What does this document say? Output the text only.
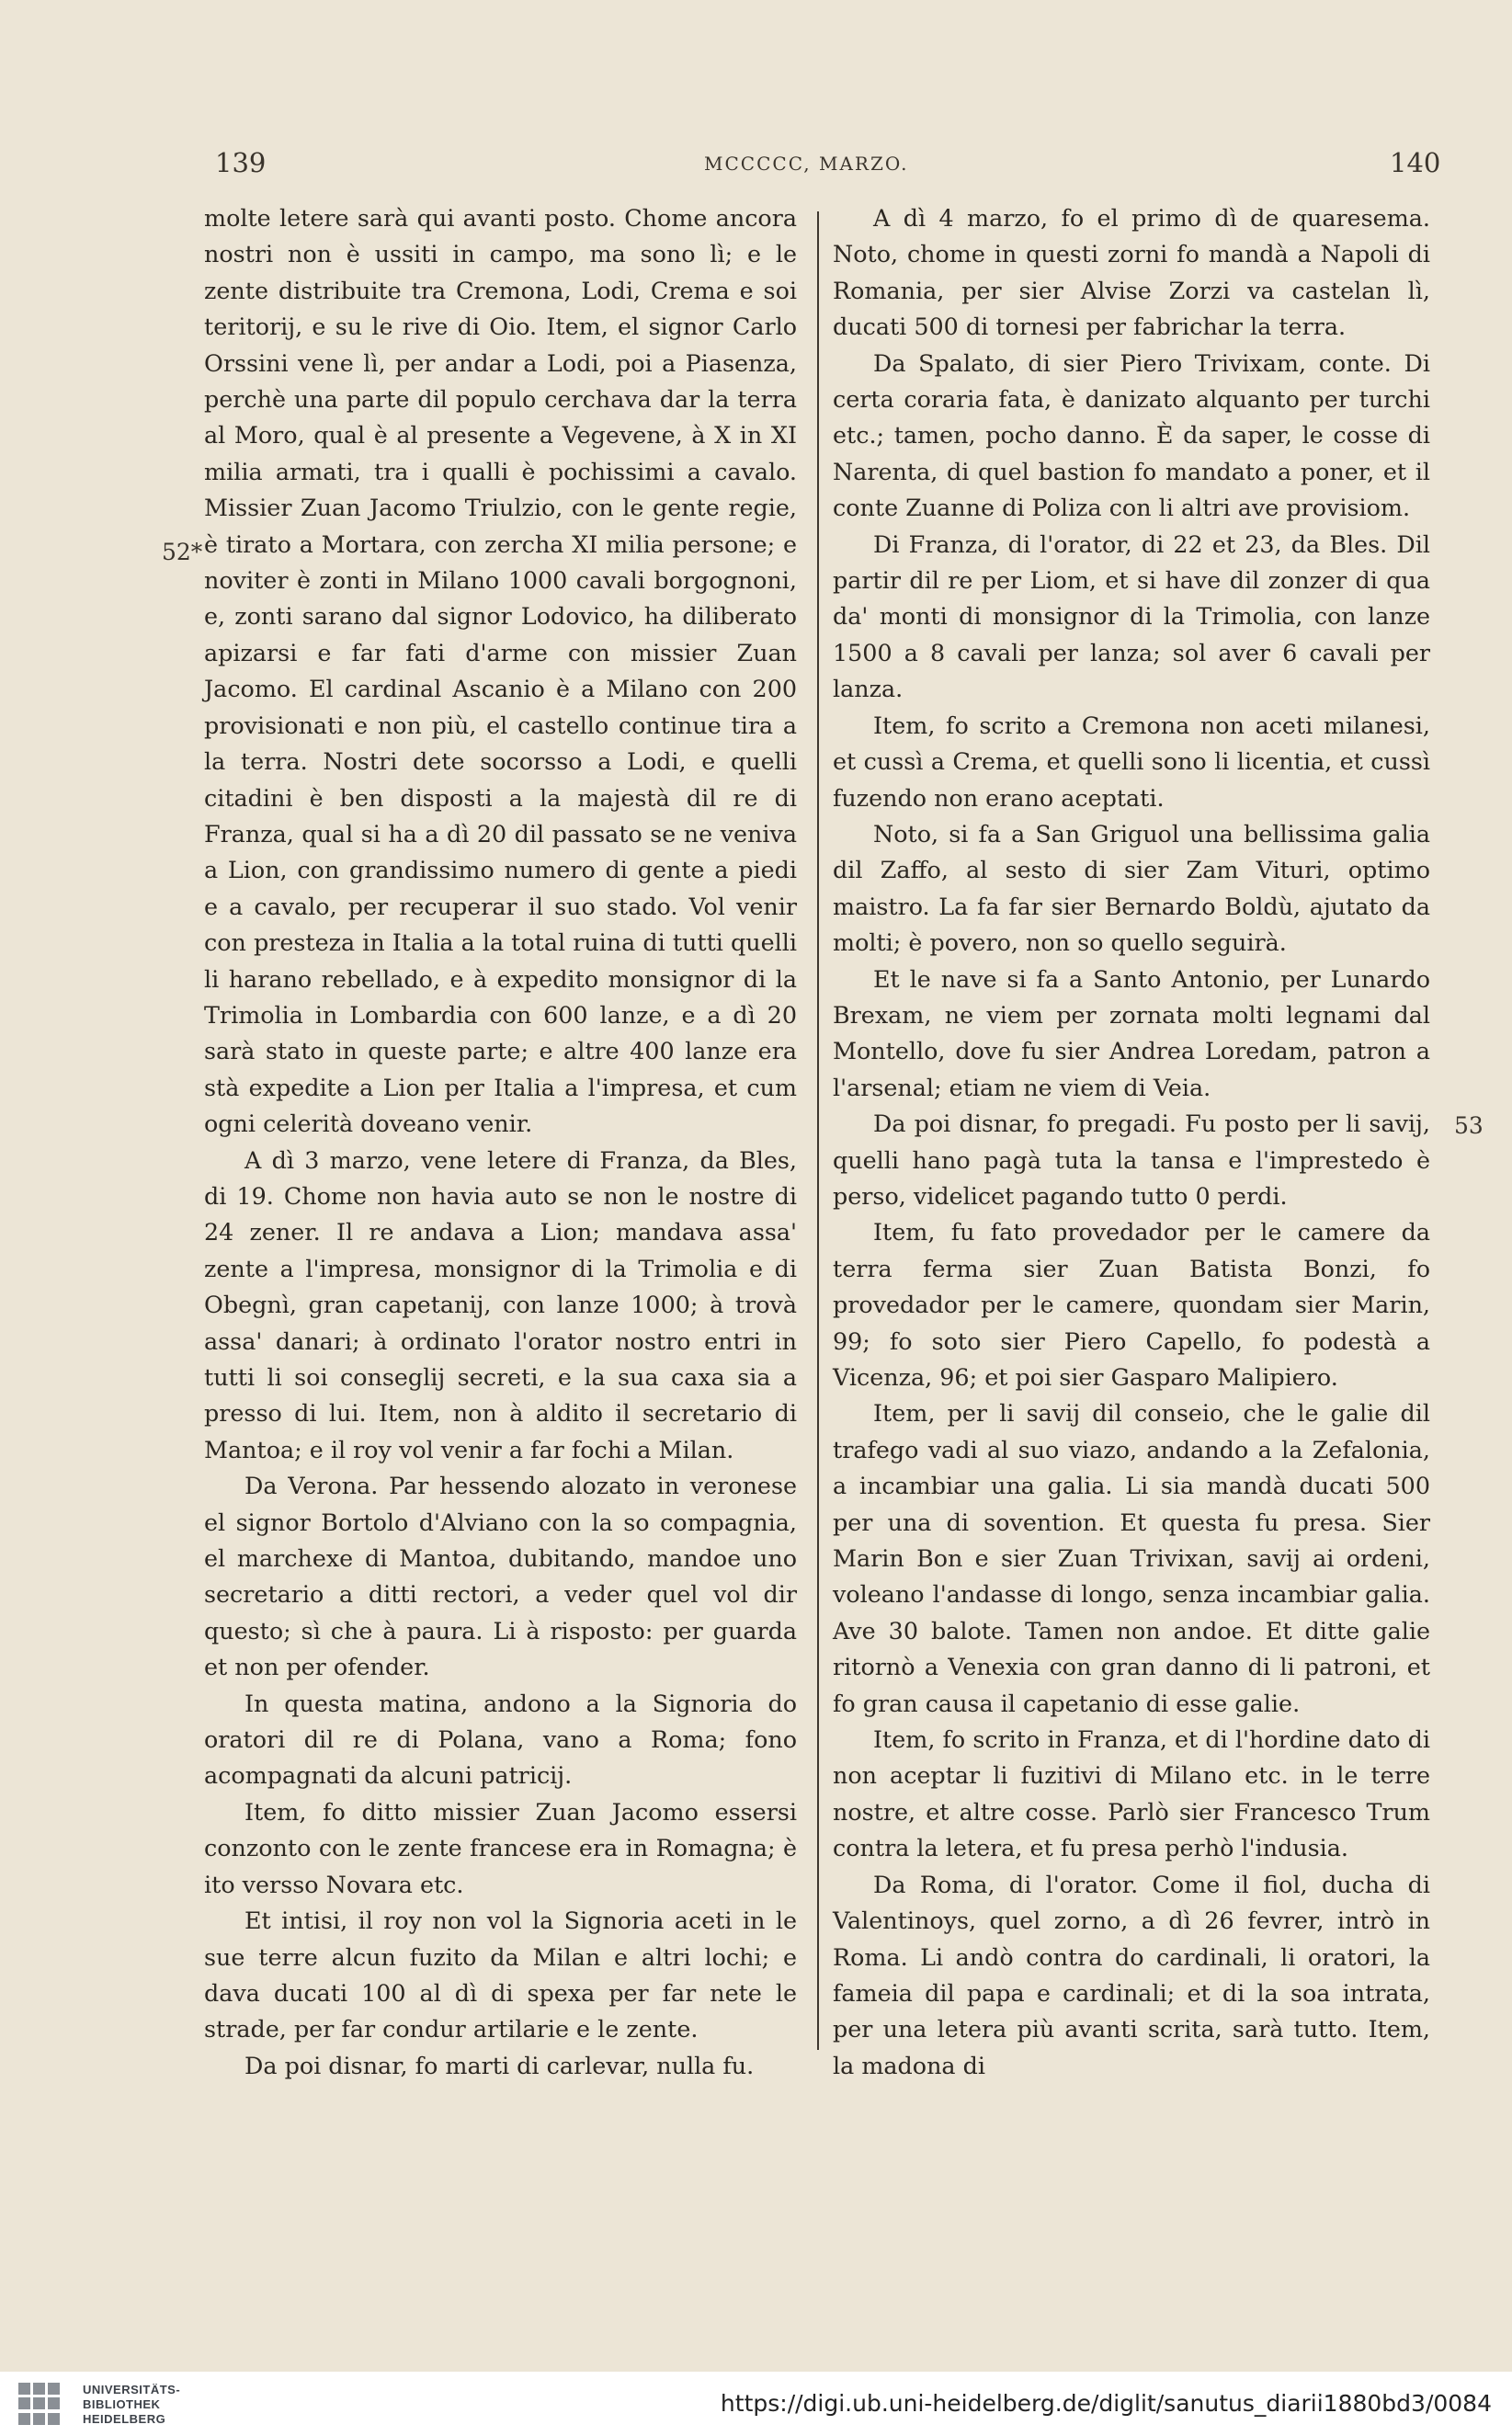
139	MCCCCC, MARZO.	140
52*
53

molte letere sarà qui avanti posto. Chome ancora nostri non è ussiti in campo, ma sono lì; e le zente distribuite tra Cremona, Lodi, Crema e soi teritorij, e su le rive di Oio. Item, el signor Carlo Orssini vene lì, per andar a Lodi, poi a Piasenza, perchè una parte dil populo cerchava dar la terra al Moro, qual è al presente a Vegevene, à X in XI milia armati, tra i qualli è pochissimi a cavalo. Missier Zuan Jacomo Triulzio, con le gente regie, è tirato a Mortara, con zercha XI milia persone; e noviter è zonti in Milano 1000 cavali borgognoni, e, zonti sarano dal signor Lodovico, ha diliberato apizarsi e far fati d'arme con missier Zuan Jacomo. El cardinal Ascanio è a Milano con 200 provisionati e non più, el castello continue tira a la terra. Nostri dete socorsso a Lodi, e quelli citadini è ben disposti a la majestà dil re di Franza, qual si ha a dì 20 dil passato se ne veniva a Lion, con grandissimo numero di gente a piedi e a cavalo, per recuperar il suo stado. Vol venir con presteza in Italia a la total ruina di tutti quelli li harano rebellado, e à expedito monsignor di la Trimolia in Lombardia con 600 lanze, e a dì 20 sarà stato in queste parte; e altre 400 lanze era stà expedite a Lion per Italia a l'impresa, et cum ogni celerità doveano venir.

A dì 3 marzo, vene letere di Franza, da Bles, di 19. Chome non havia auto se non le nostre di 24 zener. Il re andava a Lion; mandava assa' zente a l'impresa, monsignor di la Trimolia e di Obegnì, gran capetanij, con lanze 1000; à trovà assa' danari; à ordinato l'orator nostro entri in tutti li soi conseglij secreti, e la sua caxa sia a presso di lui. Item, non à aldito il secretario di Mantoa; e il roy vol venir a far fochi a Milan.

Da Verona. Par hessendo alozato in veronese el signor Bortolo d'Alviano con la so compagnia, el marchexe di Mantoa, dubitando, mandoe uno secretario a ditti rectori, a veder quel vol dir questo; sì che à paura. Li à risposto: per guarda et non per ofender.

In questa matina, andono a la Signoria do oratori dil re di Polana, vano a Roma; fono acompagnati da alcuni patricij.

Item, fo ditto missier Zuan Jacomo essersi conzonto con le zente francese era in Romagna; è ito versso Novara etc.

Et intisi, il roy non vol la Signoria aceti in le sue terre alcun fuzito da Milan e altri lochi; e dava ducati 100 al dì di spexa per far nete le strade, per far condur artilarie e le zente.

Da poi disnar, fo marti di carlevar, nulla fu.

A dì 4 marzo, fo el primo dì de quaresema. Noto, chome in questi zorni fo mandà a Napoli di Romania, per sier Alvise Zorzi va castelan lì, ducati 500 di tornesi per fabrichar la terra.

Da Spalato, di sier Piero Trivixam, conte. Di certa coraria fata, è danizato alquanto per turchi etc.; tamen, pocho danno. È da saper, le cosse di Narenta, di quel bastion fo mandato a poner, et il conte Zuanne di Poliza con li altri ave provisiom.

Di Franza, di l'orator, di 22 et 23, da Bles. Dil partir dil re per Liom, et si have dil zonzer di qua da' monti di monsignor di la Trimolia, con lanze 1500 a 8 cavali per lanza; sol aver 6 cavali per lanza.

Item, fo scrito a Cremona non aceti milanesi, et cussì a Crema, et quelli sono li licentia, et cussì fuzendo non erano aceptati.

Noto, si fa a San Griguol una bellissima galia dil Zaffo, al sesto di sier Zam Vituri, optimo maistro. La fa far sier Bernardo Boldù, ajutato da molti; è povero, non so quello seguirà.

Et le nave si fa a Santo Antonio, per Lunardo Brexam, ne viem per zornata molti legnami dal Montello, dove fu sier Andrea Loredam, patron a l'arsenal; etiam ne viem di Veia.

Da poi disnar, fo pregadi. Fu posto per li savij, quelli hano pagà tuta la tansa e l'imprestedo è perso, videlicet pagando tutto 0 perdi.

Item, fu fato provedador per le camere da terra ferma sier Zuan Batista Bonzi, fo provedador per le camere, quondam sier Marin, 99; fo soto sier Piero Capello, fo podestà a Vicenza, 96; et poi sier Gasparo Malipiero.

Item, per li savij dil conseio, che le galie dil trafego vadi al suo viazo, andando a la Zefalonia, a incambiar una galia. Li sia mandà ducati 500 per una di sovention. Et questa fu presa. Sier Marin Bon e sier Zuan Trivixan, savij ai ordeni, voleano l'andasse di longo, senza incambiar galia. Ave 30 balote. Tamen non andoe. Et ditte galie ritornò a Venexia con gran danno di li patroni, et fo gran causa il capetanio di esse galie.

Item, fo scrito in Franza, et di l'hordine dato di non aceptar li fuzitivi di Milano etc. in le terre nostre, et altre cosse. Parlò sier Francesco Trum contra la letera, et fu presa perhò l'indusia.

Da Roma, di l'orator. Come il fiol, ducha di Valentinoys, quel zorno, a dì 26 fevrer, intrò in Roma. Li andò contra do cardinali, li oratori, la fameia dil papa e cardinali; et di la soa intrata, per una letera più avanti scrita, sarà tutto. Item, la madona di

UNIVERSITÄTS-
BIBLIOTHEK
HEIDELBERG
https://digi.ub.uni-heidelberg.de/diglit/sanutus_diarii1880bd3/0084
